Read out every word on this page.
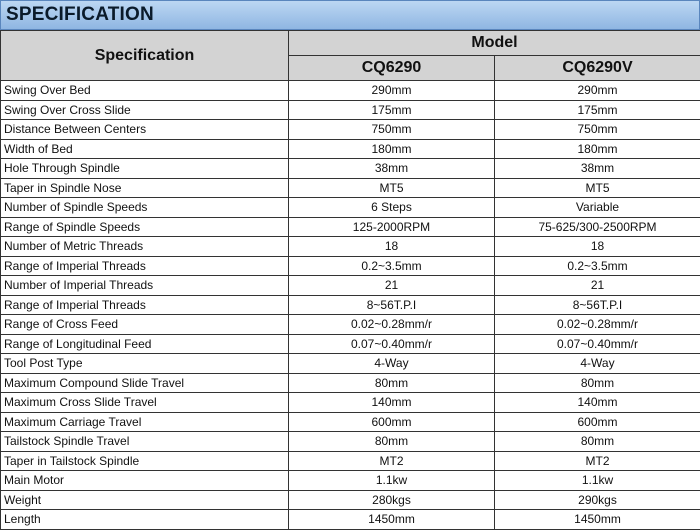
SPECIFICATION
Specification	Model	
	CQ6290	CQ6290V
Swing Over Bed	290mm	290mm
Swing Over Cross Slide	175mm	175mm
Distance Between Centers	750mm	750mm
Width of Bed	180mm	180mm
Hole Through Spindle	38mm	38mm
Taper in Spindle Nose	MT5	MT5
Number of Spindle Speeds	6 Steps	Variable
Range of Spindle Speeds	125-2000RPM	75-625/300-2500RPM
Number of Metric Threads	18	18
Range of Imperial Threads	0.2~3.5mm	0.2~3.5mm
Number of Imperial Threads	21	21
Range of Imperial Threads	8~56T.P.I	8~56T.P.I
Range of Cross Feed	0.02~0.28mm/r	0.02~0.28mm/r
Range of Longitudinal Feed	0.07~0.40mm/r	0.07~0.40mm/r
Tool Post Type	4-Way	4-Way
Maximum Compound Slide Travel	80mm	80mm
Maximum Cross Slide Travel	140mm	140mm
Maximum Carriage Travel	600mm	600mm
Tailstock Spindle Travel	80mm	80mm
Taper in Tailstock Spindle	MT2	MT2
Main Motor	1.1kw	1.1kw
Weight	280kgs	290kgs
Length	1450mm	1450mm
